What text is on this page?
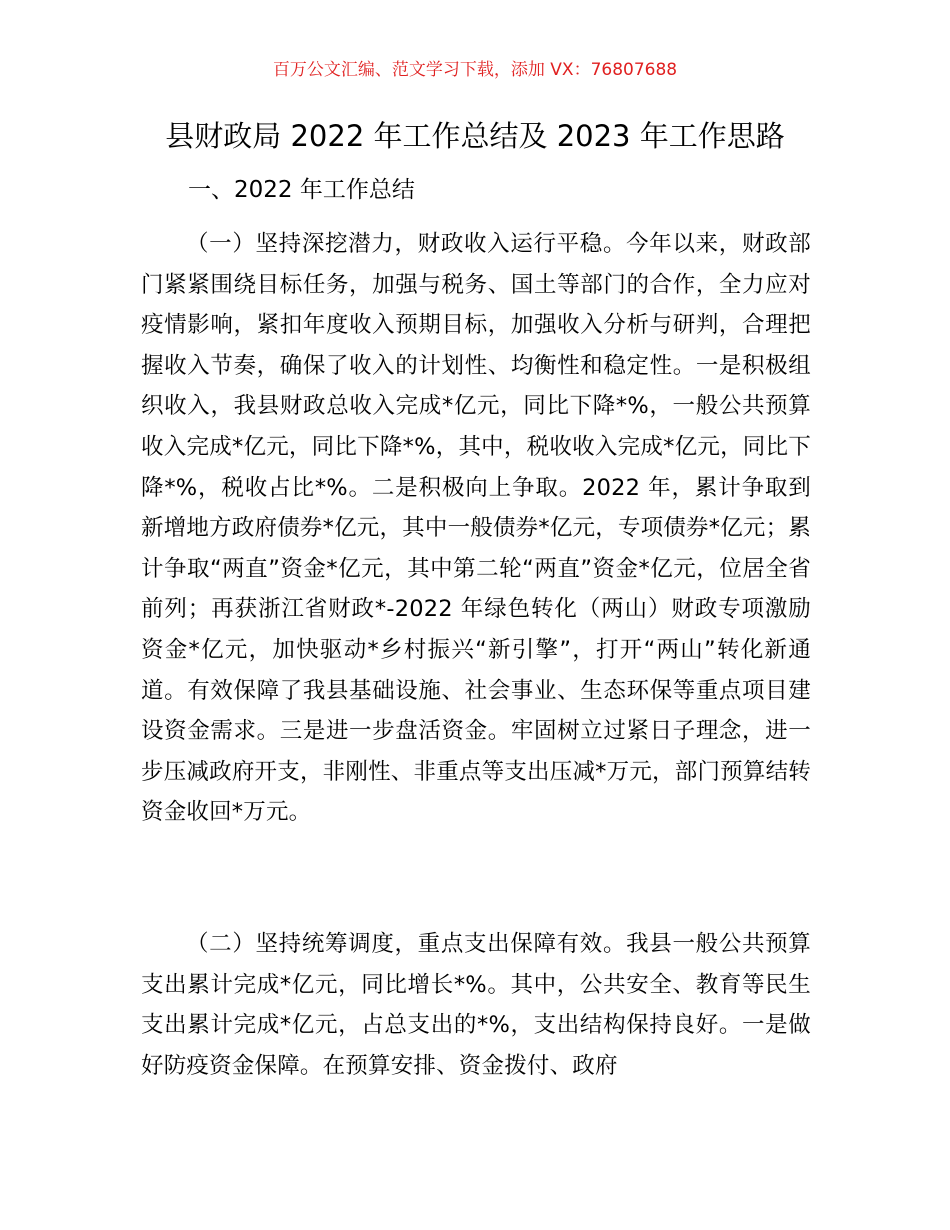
百万公文汇编、范文学习下载，添加 VX：76807688
县财政局 2022 年工作总结及 2023 年工作思路
一、2022 年工作总结

（一）坚持深挖潜力，财政收入运行平稳。今年以来，财政部门紧紧围绕目标任务，加强与税务、国土等部门的合作，全力应对疫情影响，紧扣年度收入预期目标，加强收入分析与研判，合理把握收入节奏，确保了收入的计划性、均衡性和稳定性。一是积极组织收入，我县财政总收入完成*亿元，同比下降*%，一般公共预算收入完成*亿元，同比下降*%，其中，税收收入完成*亿元，同比下降*%，税收占比*%。二是积极向上争取。2022 年，累计争取到新增地方政府债券*亿元，其中一般债券*亿元，专项债券*亿元；累计争取“两直”资金*亿元，其中第二轮“两直”资金*亿元，位居全省前列；再获浙江省财政*-2022 年绿色转化（两山）财政专项激励资金*亿元，加快驱动*乡村振兴“新引擎”，打开“两山”转化新通道。有效保障了我县基础设施、社会事业、生态环保等重点项目建设资金需求。三是进一步盘活资金。牢固树立过紧日子理念，进一步压减政府开支，非刚性、非重点等支出压减*万元，部门预算结转资金收回*万元。

（二）坚持统筹调度，重点支出保障有效。我县一般公共预算支出累计完成*亿元，同比增长*%。其中，公共安全、教育等民生支出累计完成*亿元，占总支出的*%，支出结构保持良好。一是做好防疫资金保障。在预算安排、资金拨付、政府
